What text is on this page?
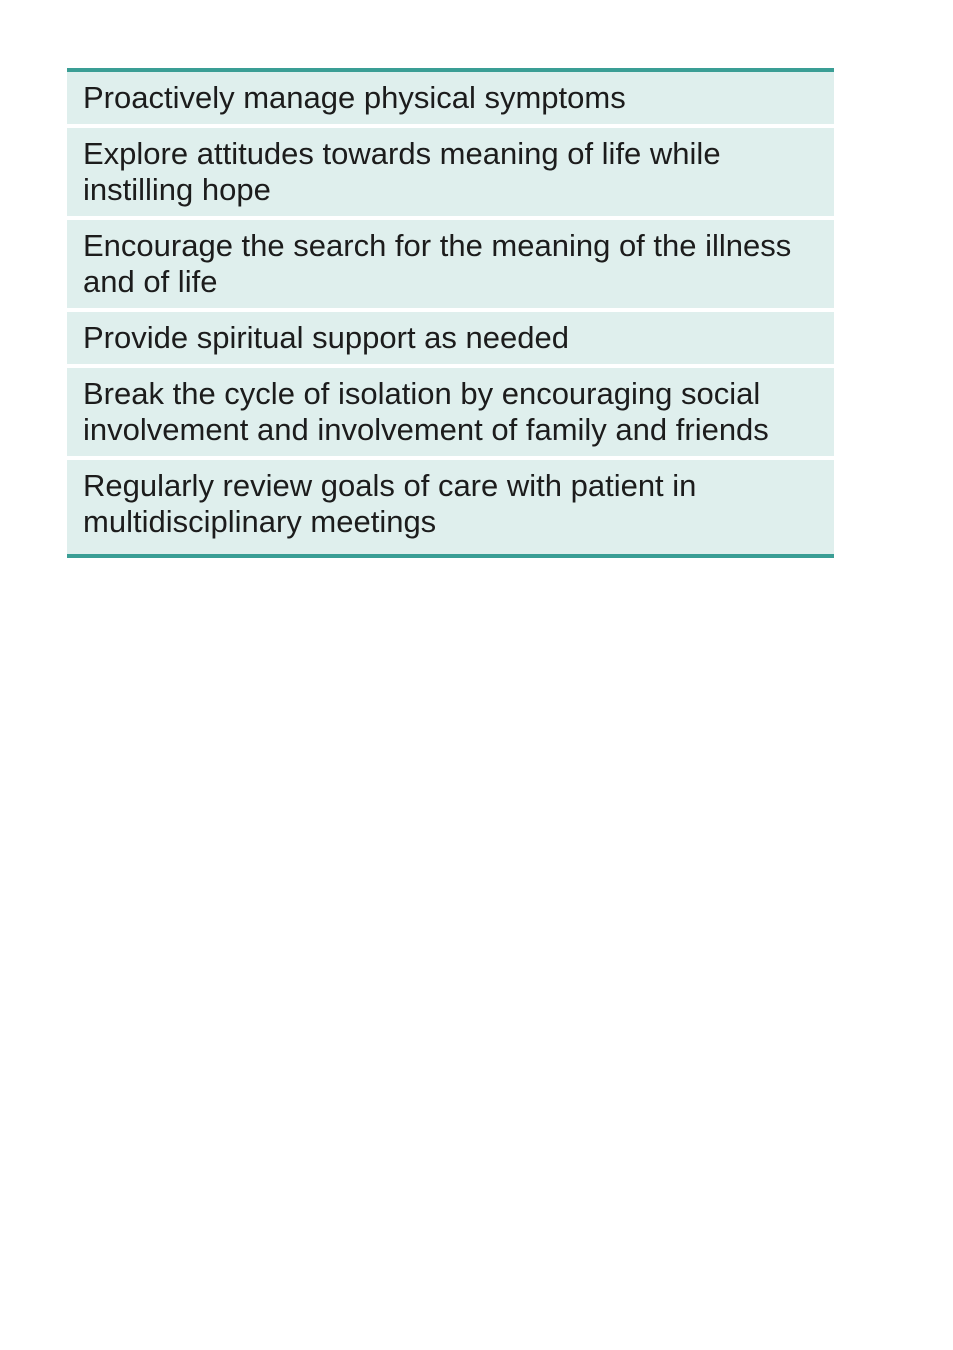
Proactively manage physical symptoms
Explore attitudes towards meaning of life while instilling hope
Encourage the search for the meaning of the illness and of life
Provide spiritual support as needed
Break the cycle of isolation by encouraging social involvement and involvement of family and friends
Regularly review goals of care with patient in multidisciplinary meetings
